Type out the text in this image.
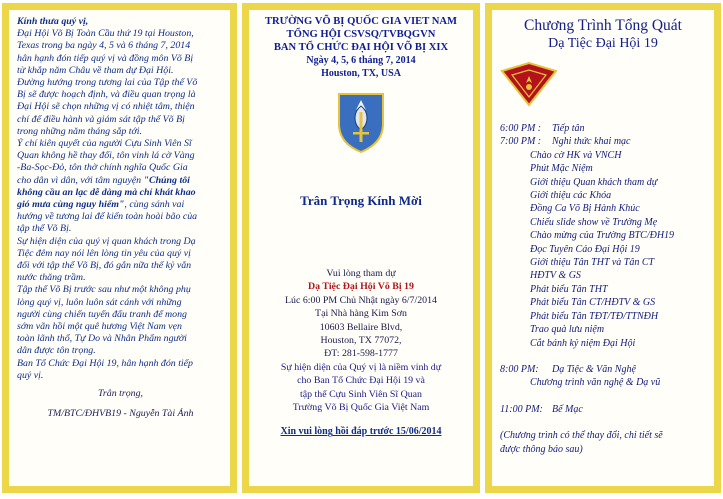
Kính thưa quý vị,
Đại Hội Võ Bị Toàn Cầu thứ 19 tại Houston,
Texas trong ba ngày 4, 5 và 6 tháng 7, 2014
hân hạnh đón tiếp quý vị và đồng môn Võ Bị
từ khắp năm Châu về tham dự Đại Hội.
Đường hướng trong tương lai của Tập thể Võ
Bị sẽ được hoạch định, và điều quan trọng là
Đại Hội sẽ chọn những vị có nhiệt tâm, thiện
chí để điều hành và giám sát tập thể Võ Bị
trong những năm tháng sắp tới.
Ý chí kiên quyết của người Cựu Sinh Viên Sĩ
Quan không hề thay đổi, tôn vinh lá cờ Vàng
-Ba-Sọc-Đỏ, tôn thờ chính nghĩa Quốc Gia
cho dân vì dân, với tâm nguyện "Chúng tôi
không cầu an lạc dễ dàng mà chỉ khát khao
gió mưa cùng nguy hiểm", cùng sánh vai
hướng về tương lai để kiến toàn hoài bão của
tập thể Võ Bị.
Sự hiện diện của quý vị quan khách trong Dạ
Tiệc đêm nay nói lên lòng tin yêu của quý vị
đối với tập thể Võ Bị, đó gắn nữa thế kỷ vắn
nước thăng trầm.
Tập thể Võ Bị trước sau như một không phụ
lòng quý vị, luôn luôn sát cánh với những
người cùng chiến tuyến đấu tranh để mong
sớm vãn hồi một quê hương Việt Nam vẹn
toàn lãnh thổ, Tự Do và Nhân Phẩm người
dân được tôn trọng.
Ban Tổ Chức Đại Hội 19, hân hạnh đón tiếp
quý vị.
Trân trọng,
TM/BTC/ĐHVB19 - Nguyễn Tài Ánh
TRƯỜNG VÕ BỊ QUỐC GIA VIET NAM
TỔNG HỘI CSVSQ/TVBQGVN
BAN TỔ CHỨC ĐẠI HỘI VÕ BỊ XIX
Ngày 4, 5, 6 tháng 7, 2014
Houston, TX, USA
Trân Trọng Kính Mời
Vui lòng tham dự
Dạ Tiệc Đại Hội Võ Bị 19
Lúc 6:00 PM Chủ Nhật ngày 6/7/2014
Tại Nhà hàng Kim Sơn
10603 Bellaire Blvd,
Houston, TX 77072,
ĐT: 281-598-1777
Sự hiện diện của Quý vị là niềm vinh dự
cho Ban Tổ Chức Đại Hội 19 và
tập thể Cựu Sinh Viên Sĩ Quan
Trường Võ Bị Quốc Gia Việt Nam
Xin vui lòng hồi đáp trước 15/06/2014
Chương Trình Tổng Quát
Dạ Tiệc Đại Hội 19
6:00 PM :	Tiếp tân
7:00 PM :	Nghi thức khai mạc
Chào cờ HK và VNCH
Phút Mặc Niệm
Giới thiệu Quan khách tham dự
Giới thiệu các Khóa
Đồng Ca Võ Bị Hành Khúc
Chiếu slide show về Trường Mẹ
Chào mừng của Trường BTC/ĐH19
Đọc Tuyên Cáo Đại Hội 19
Giới thiệu Tân THT và Tân CT
HĐTV & GS
Phát biểu Tân THT
Phát biểu Tân CT/HĐTV & GS
Phát biểu Tân TĐT/TĐ/TTNĐH
Trao quà lưu niệm
Cắt bánh kỷ niệm Đại Hội
8:00 PM:	Dạ Tiệc & Văn Nghệ
Chương trình văn nghệ & Dạ vũ
11:00 PM: Bế Mạc
(Chương trình có thể thay đổi, chi tiết sẽ
được thông báo sau)
